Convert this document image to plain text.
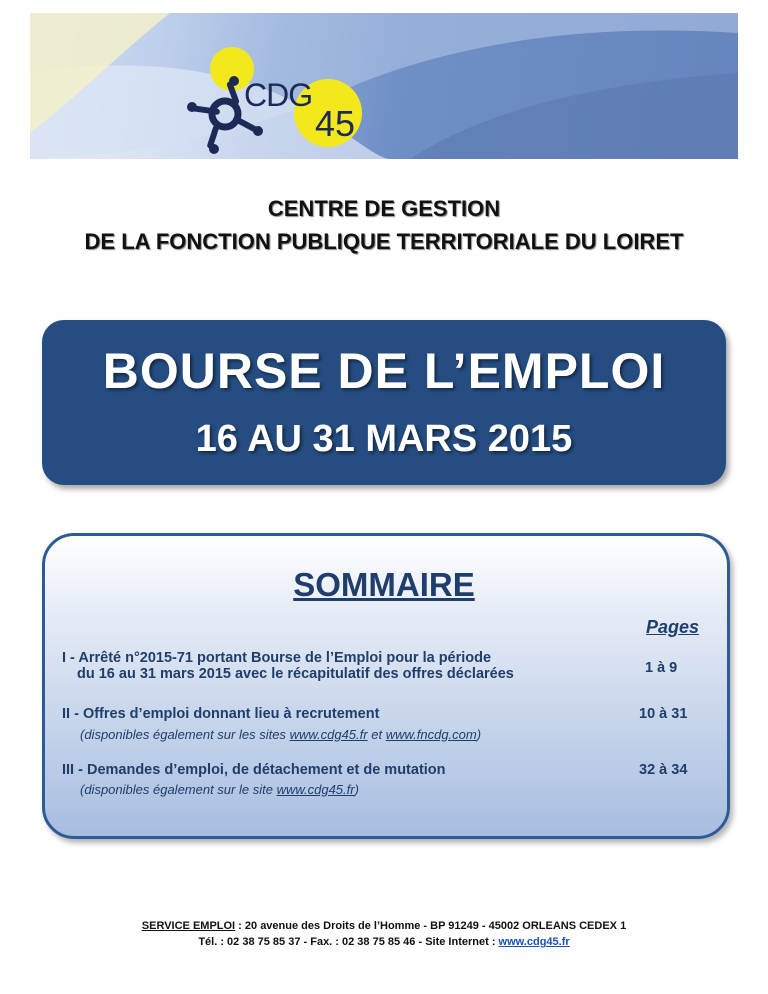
CDG
45
CENTRE DE GESTION
DE LA FONCTION PUBLIQUE TERRITORIALE DU LOIRET
BOURSE DE L’EMPLOI
16 AU 31 MARS 2015
SOMMAIRE
Pages
I - Arrêté n°2015-71 portant Bourse de l’Emploi pour la période
du 16 au 31 mars 2015 avec le récapitulatif des offres déclarées	1 à 9
II - Offres d’emploi donnant lieu à recrutement
(disponibles également sur les sites www.cdg45.fr et www.fncdg.com)
10 à 31
III - Demandes d’emploi, de détachement et de mutation
(disponibles également sur le site www.cdg45.fr)
32 à 34
SERVICE EMPLOI : 20 avenue des Droits de l’Homme - BP 91249 - 45002 ORLEANS CEDEX 1
Tél. : 02 38 75 85 37 - Fax. : 02 38 75 85 46 - Site Internet : www.cdg45.fr
